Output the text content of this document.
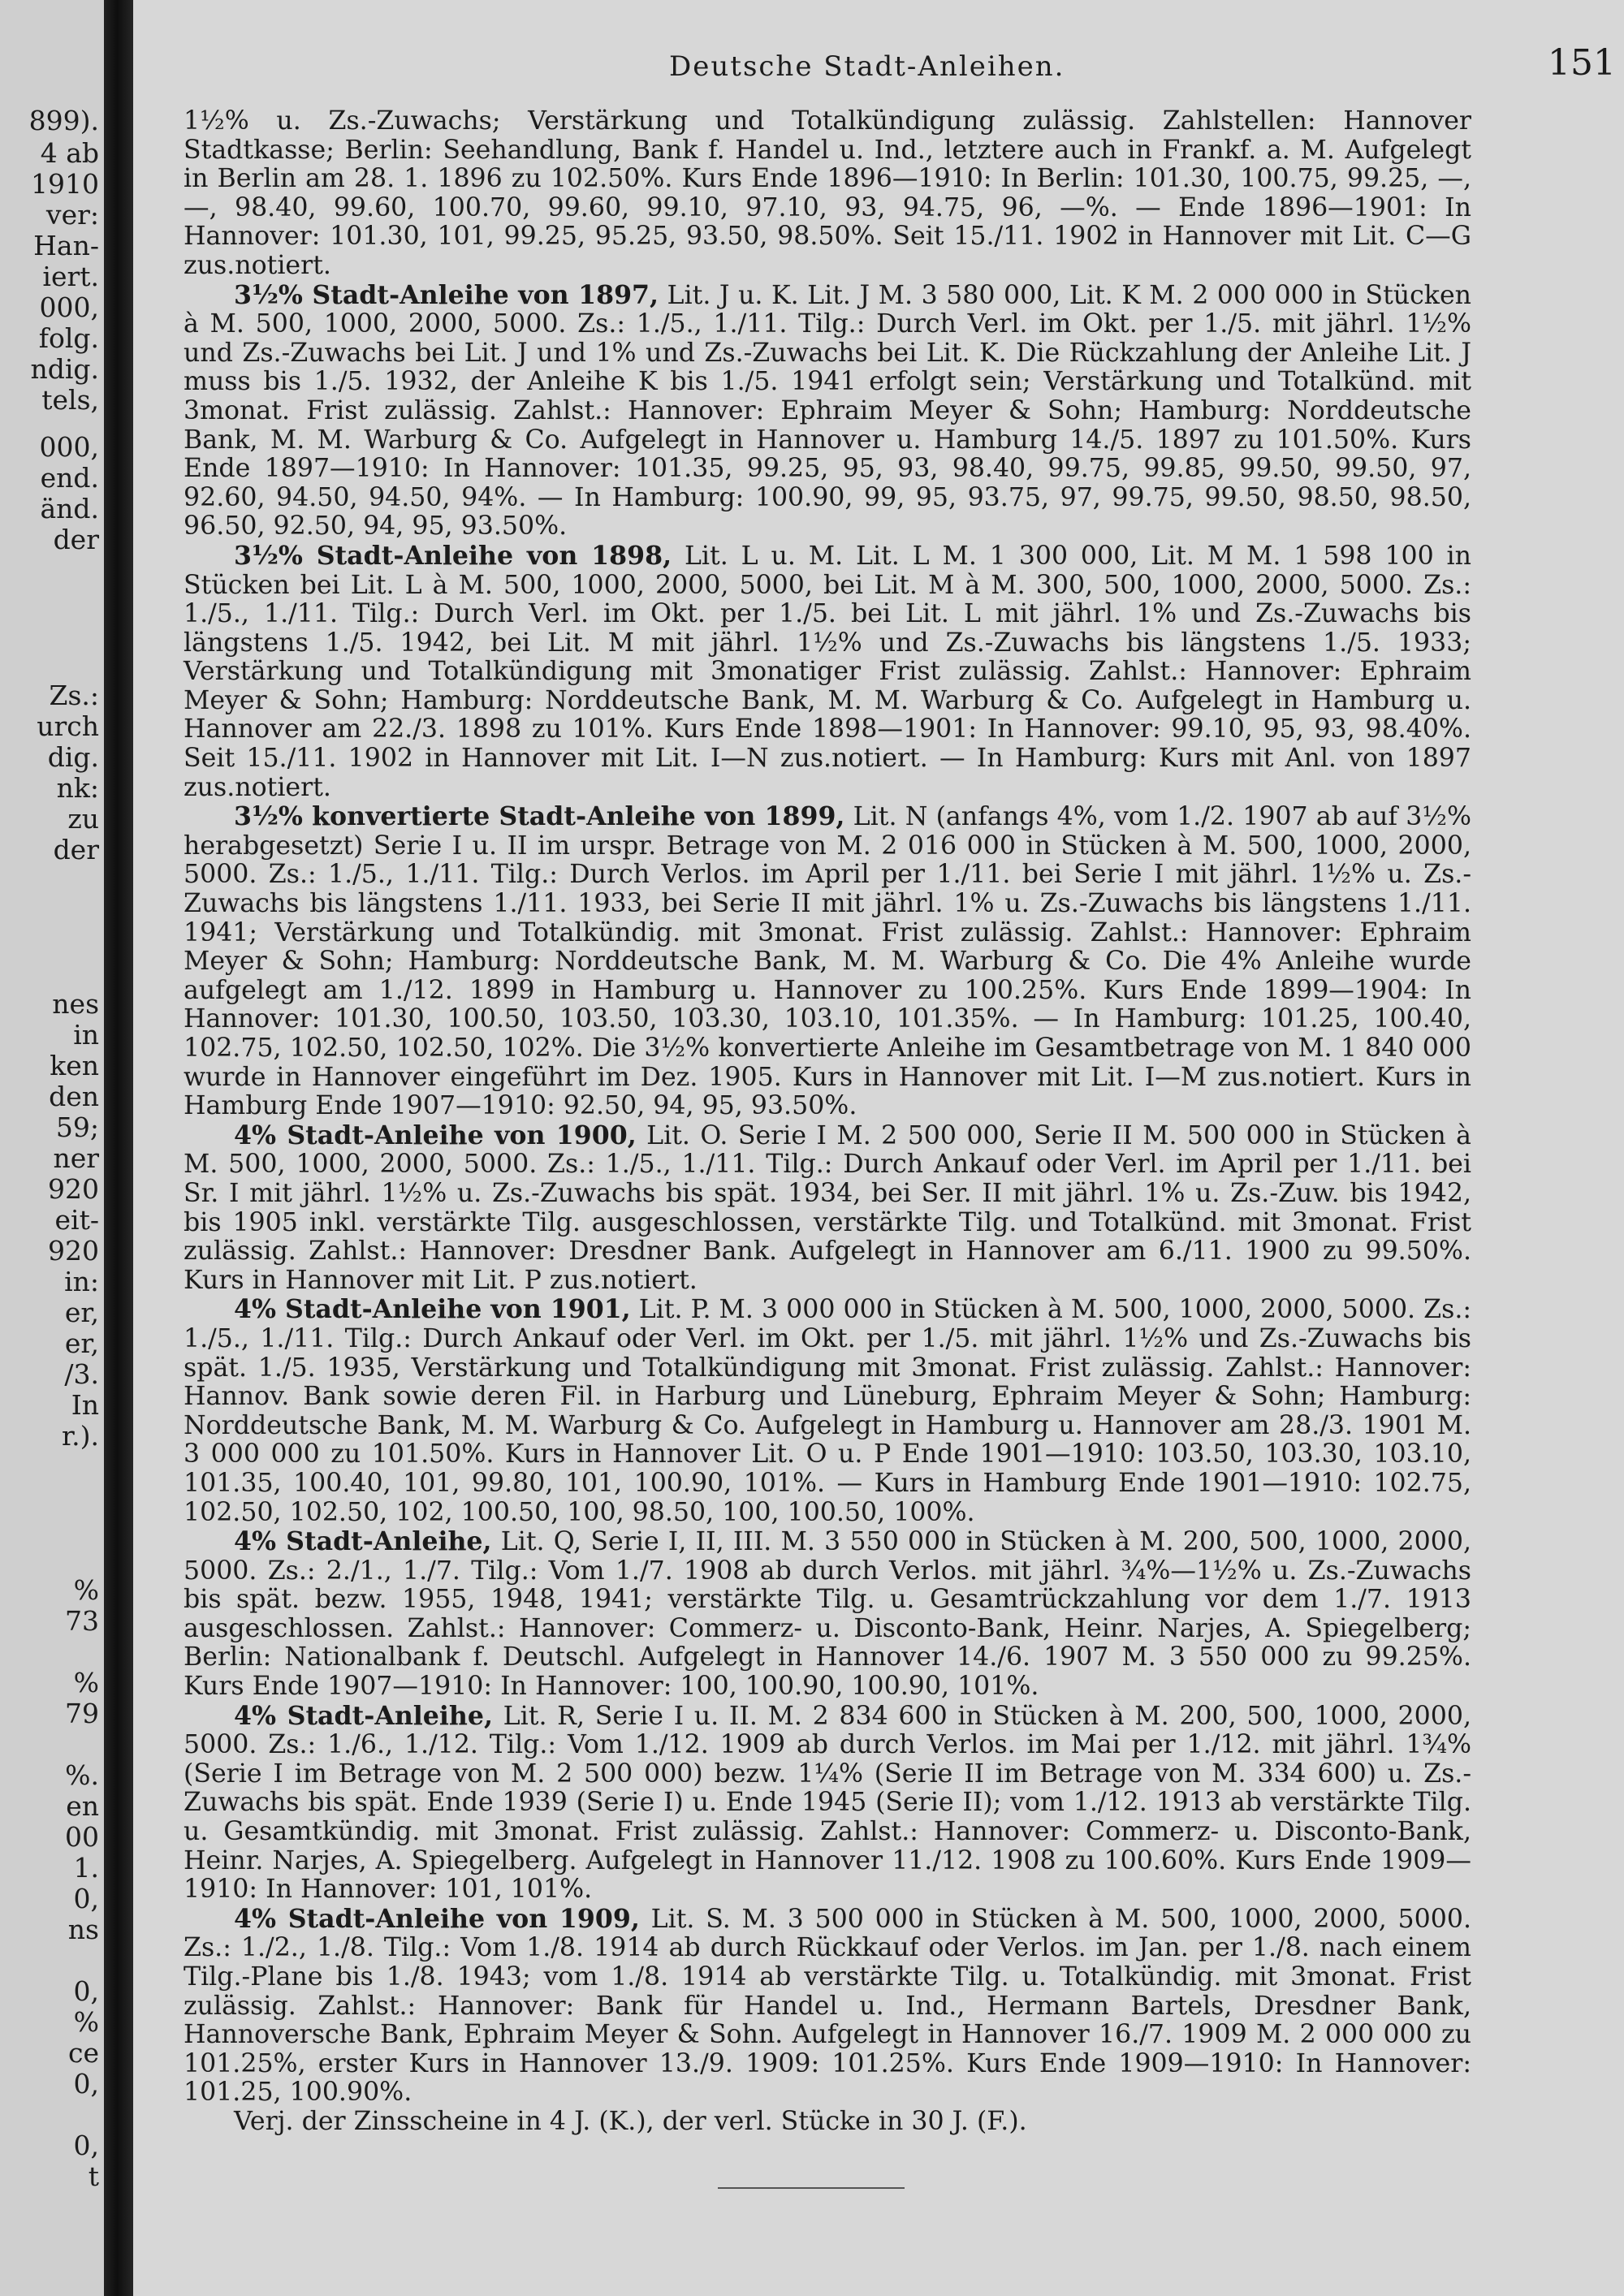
899).
4 ab
1910
ver:
Han-
iert.
000,
folg.
ndig.
tels,
000,
end.
änd.
der
Zs.:
urch
dig.
nk:
zu
der
nes
in
ken
den
59;
ner
920
eit-
920
in:
er,
er,
/3.
In
r.).
%
73
%
79
%.
en
00
1.
0,
ns
0,
%
ce
0,
0,
t
Deutsche Stadt-Anleihen.	151

1½% u. Zs.-Zuwachs; Verstärkung und Totalkündigung zulässig. Zahlstellen: Hannover Stadtkasse; Berlin: Seehandlung, Bank f. Handel u. Ind., letztere auch in Frankf. a. M. Aufgelegt in Berlin am 28. 1. 1896 zu 102.50%. Kurs Ende 1896—1910: In Berlin: 101.30, 100.75, 99.25, —, —, 98.40, 99.60, 100.70, 99.60, 99.10, 97.10, 93, 94.75, 96, —%. — Ende 1896—1901: In Hannover: 101.30, 101, 99.25, 95.25, 93.50, 98.50%. Seit 15./11. 1902 in Hannover mit Lit. C—G zus.notiert.

3½% Stadt-Anleihe von 1897, Lit. J u. K. Lit. J M. 3 580 000, Lit. K M. 2 000 000 in Stücken à M. 500, 1000, 2000, 5000. Zs.: 1./5., 1./11. Tilg.: Durch Verl. im Okt. per 1./5. mit jährl. 1½% und Zs.-Zuwachs bei Lit. J und 1% und Zs.-Zuwachs bei Lit. K. Die Rückzahlung der Anleihe Lit. J muss bis 1./5. 1932, der Anleihe K bis 1./5. 1941 erfolgt sein; Verstärkung und Totalkünd. mit 3monat. Frist zulässig. Zahlst.: Hannover: Ephraim Meyer & Sohn; Hamburg: Norddeutsche Bank, M. M. Warburg & Co. Aufgelegt in Hannover u. Hamburg 14./5. 1897 zu 101.50%. Kurs Ende 1897—1910: In Hannover: 101.35, 99.25, 95, 93, 98.40, 99.75, 99.85, 99.50, 99.50, 97, 92.60, 94.50, 94.50, 94%. — In Hamburg: 100.90, 99, 95, 93.75, 97, 99.75, 99.50, 98.50, 98.50, 96.50, 92.50, 94, 95, 93.50%.

3½% Stadt-Anleihe von 1898, Lit. L u. M. Lit. L M. 1 300 000, Lit. M M. 1 598 100 in Stücken bei Lit. L à M. 500, 1000, 2000, 5000, bei Lit. M à M. 300, 500, 1000, 2000, 5000. Zs.: 1./5., 1./11. Tilg.: Durch Verl. im Okt. per 1./5. bei Lit. L mit jährl. 1% und Zs.-Zuwachs bis längstens 1./5. 1942, bei Lit. M mit jährl. 1½% und Zs.-Zuwachs bis längstens 1./5. 1933; Verstärkung und Totalkündigung mit 3monatiger Frist zulässig. Zahlst.: Hannover: Ephraim Meyer & Sohn; Hamburg: Norddeutsche Bank, M. M. Warburg & Co. Aufgelegt in Hamburg u. Hannover am 22./3. 1898 zu 101%. Kurs Ende 1898—1901: In Hannover: 99.10, 95, 93, 98.40%. Seit 15./11. 1902 in Hannover mit Lit. I—N zus.notiert. — In Hamburg: Kurs mit Anl. von 1897 zus.notiert.

3½% konvertierte Stadt-Anleihe von 1899, Lit. N (anfangs 4%, vom 1./2. 1907 ab auf 3½% herabgesetzt) Serie I u. II im urspr. Betrage von M. 2 016 000 in Stücken à M. 500, 1000, 2000, 5000. Zs.: 1./5., 1./11. Tilg.: Durch Verlos. im April per 1./11. bei Serie I mit jährl. 1½% u. Zs.-Zuwachs bis längstens 1./11. 1933, bei Serie II mit jährl. 1% u. Zs.-Zuwachs bis längstens 1./11. 1941; Verstärkung und Totalkündig. mit 3monat. Frist zulässig. Zahlst.: Hannover: Ephraim Meyer & Sohn; Hamburg: Norddeutsche Bank, M. M. Warburg & Co. Die 4% Anleihe wurde aufgelegt am 1./12. 1899 in Hamburg u. Hannover zu 100.25%. Kurs Ende 1899—1904: In Hannover: 101.30, 100.50, 103.50, 103.30, 103.10, 101.35%. — In Hamburg: 101.25, 100.40, 102.75, 102.50, 102.50, 102%. Die 3½% konvertierte Anleihe im Gesamtbetrage von M. 1 840 000 wurde in Hannover eingeführt im Dez. 1905. Kurs in Hannover mit Lit. I—M zus.notiert. Kurs in Hamburg Ende 1907—1910: 92.50, 94, 95, 93.50%.

4% Stadt-Anleihe von 1900, Lit. O. Serie I M. 2 500 000, Serie II M. 500 000 in Stücken à M. 500, 1000, 2000, 5000. Zs.: 1./5., 1./11. Tilg.: Durch Ankauf oder Verl. im April per 1./11. bei Sr. I mit jährl. 1½% u. Zs.-Zuwachs bis spät. 1934, bei Ser. II mit jährl. 1% u. Zs.-Zuw. bis 1942, bis 1905 inkl. verstärkte Tilg. ausgeschlossen, verstärkte Tilg. und Totalkünd. mit 3monat. Frist zulässig. Zahlst.: Hannover: Dresdner Bank. Aufgelegt in Hannover am 6./11. 1900 zu 99.50%. Kurs in Hannover mit Lit. P zus.notiert.

4% Stadt-Anleihe von 1901, Lit. P. M. 3 000 000 in Stücken à M. 500, 1000, 2000, 5000. Zs.: 1./5., 1./11. Tilg.: Durch Ankauf oder Verl. im Okt. per 1./5. mit jährl. 1½% und Zs.-Zuwachs bis spät. 1./5. 1935, Verstärkung und Totalkündigung mit 3monat. Frist zulässig. Zahlst.: Hannover: Hannov. Bank sowie deren Fil. in Harburg und Lüneburg, Ephraim Meyer & Sohn; Hamburg: Norddeutsche Bank, M. M. Warburg & Co. Aufgelegt in Hamburg u. Hannover am 28./3. 1901 M. 3 000 000 zu 101.50%. Kurs in Hannover Lit. O u. P Ende 1901—1910: 103.50, 103.30, 103.10, 101.35, 100.40, 101, 99.80, 101, 100.90, 101%. — Kurs in Hamburg Ende 1901—1910: 102.75, 102.50, 102.50, 102, 100.50, 100, 98.50, 100, 100.50, 100%.

4% Stadt-Anleihe, Lit. Q, Serie I, II, III. M. 3 550 000 in Stücken à M. 200, 500, 1000, 2000, 5000. Zs.: 2./1., 1./7. Tilg.: Vom 1./7. 1908 ab durch Verlos. mit jährl. ¾%—1½% u. Zs.-Zuwachs bis spät. bezw. 1955, 1948, 1941; verstärkte Tilg. u. Gesamtrückzahlung vor dem 1./7. 1913 ausgeschlossen. Zahlst.: Hannover: Commerz- u. Disconto-Bank, Heinr. Narjes, A. Spiegelberg; Berlin: Nationalbank f. Deutschl. Aufgelegt in Hannover 14./6. 1907 M. 3 550 000 zu 99.25%. Kurs Ende 1907—1910: In Hannover: 100, 100.90, 100.90, 101%.

4% Stadt-Anleihe, Lit. R, Serie I u. II. M. 2 834 600 in Stücken à M. 200, 500, 1000, 2000, 5000. Zs.: 1./6., 1./12. Tilg.: Vom 1./12. 1909 ab durch Verlos. im Mai per 1./12. mit jährl. 1¾% (Serie I im Betrage von M. 2 500 000) bezw. 1¼% (Serie II im Betrage von M. 334 600) u. Zs.-Zuwachs bis spät. Ende 1939 (Serie I) u. Ende 1945 (Serie II); vom 1./12. 1913 ab verstärkte Tilg. u. Gesamtkündig. mit 3monat. Frist zulässig. Zahlst.: Hannover: Commerz- u. Disconto-Bank, Heinr. Narjes, A. Spiegelberg. Aufgelegt in Hannover 11./12. 1908 zu 100.60%. Kurs Ende 1909—1910: In Hannover: 101, 101%.

4% Stadt-Anleihe von 1909, Lit. S. M. 3 500 000 in Stücken à M. 500, 1000, 2000, 5000. Zs.: 1./2., 1./8. Tilg.: Vom 1./8. 1914 ab durch Rückkauf oder Verlos. im Jan. per 1./8. nach einem Tilg.-Plane bis 1./8. 1943; vom 1./8. 1914 ab verstärkte Tilg. u. Totalkündig. mit 3monat. Frist zulässig. Zahlst.: Hannover: Bank für Handel u. Ind., Hermann Bartels, Dresdner Bank, Hannoversche Bank, Ephraim Meyer & Sohn. Aufgelegt in Hannover 16./7. 1909 M. 2 000 000 zu 101.25%, erster Kurs in Hannover 13./9. 1909: 101.25%. Kurs Ende 1909—1910: In Hannover: 101.25, 100.90%.

Verj. der Zinsscheine in 4 J. (K.), der verl. Stücke in 30 J. (F.).
